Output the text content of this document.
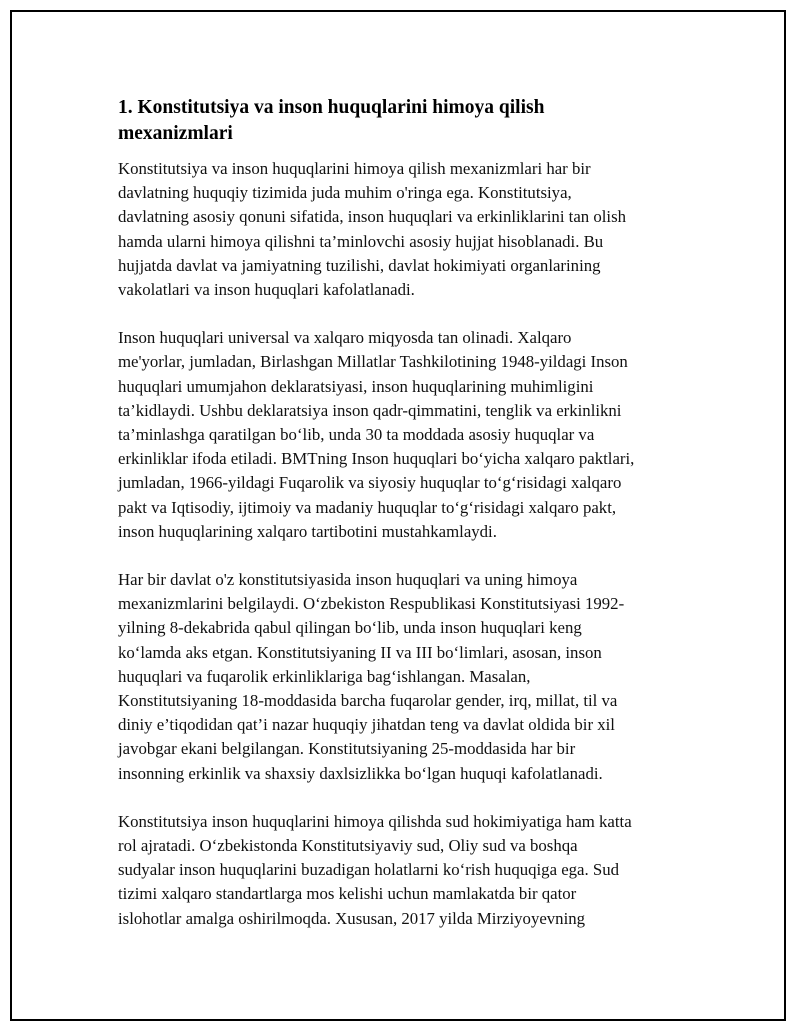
1. Konstitutsiya va inson huquqlarini himoya qilish
mexanizmlari

Konstitutsiya va inson huquqlarini himoya qilish mexanizmlari har bir
davlatning huquqiy tizimida juda muhim o'ringa ega. Konstitutsiya,
davlatning asosiy qonuni sifatida, inson huquqlari va erkinliklarini tan olish
hamda ularni himoya qilishni ta’minlovchi asosiy hujjat hisoblanadi. Bu
hujjatda davlat va jamiyatning tuzilishi, davlat hokimiyati organlarining
vakolatlari va inson huquqlari kafolatlanadi.

Inson huquqlari universal va xalqaro miqyosda tan olinadi. Xalqaro
me'yorlar, jumladan, Birlashgan Millatlar Tashkilotining 1948-yildagi Inson
huquqlari umumjahon deklaratsiyasi, inson huquqlarining muhimligini
ta’kidlaydi. Ushbu deklaratsiya inson qadr-qimmatini, tenglik va erkinlikni
ta’minlashga qaratilgan bo‘lib, unda 30 ta moddada asosiy huquqlar va
erkinliklar ifoda etiladi. BMTning Inson huquqlari bo‘yicha xalqaro paktlari,
jumladan, 1966-yildagi Fuqarolik va siyosiy huquqlar to‘g‘risidagi xalqaro
pakt va Iqtisodiy, ijtimoiy va madaniy huquqlar to‘g‘risidagi xalqaro pakt,
inson huquqlarining xalqaro tartibotini mustahkamlaydi.

Har bir davlat o'z konstitutsiyasida inson huquqlari va uning himoya
mexanizmlarini belgilaydi. O‘zbekiston Respublikasi Konstitutsiyasi 1992-
yilning 8-dekabrida qabul qilingan bo‘lib, unda inson huquqlari keng
ko‘lamda aks etgan. Konstitutsiyaning II va III bo‘limlari, asosan, inson
huquqlari va fuqarolik erkinliklariga bag‘ishlangan. Masalan,
Konstitutsiyaning 18-moddasida barcha fuqarolar gender, irq, millat, til va
diniy e’tiqodidan qat’i nazar huquqiy jihatdan teng va davlat oldida bir xil
javobgar ekani belgilangan. Konstitutsiyaning 25-moddasida har bir
insonning erkinlik va shaxsiy daxlsizlikka bo‘lgan huquqi kafolatlanadi.

Konstitutsiya inson huquqlarini himoya qilishda sud hokimiyatiga ham katta
rol ajratadi. O‘zbekistonda Konstitutsiyaviy sud, Oliy sud va boshqa
sudyalar inson huquqlarini buzadigan holatlarni ko‘rish huquqiga ega. Sud
tizimi xalqaro standartlarga mos kelishi uchun mamlakatda bir qator
islohotlar amalga oshirilmoqda. Xususan, 2017 yilda Mirziyoyevning
